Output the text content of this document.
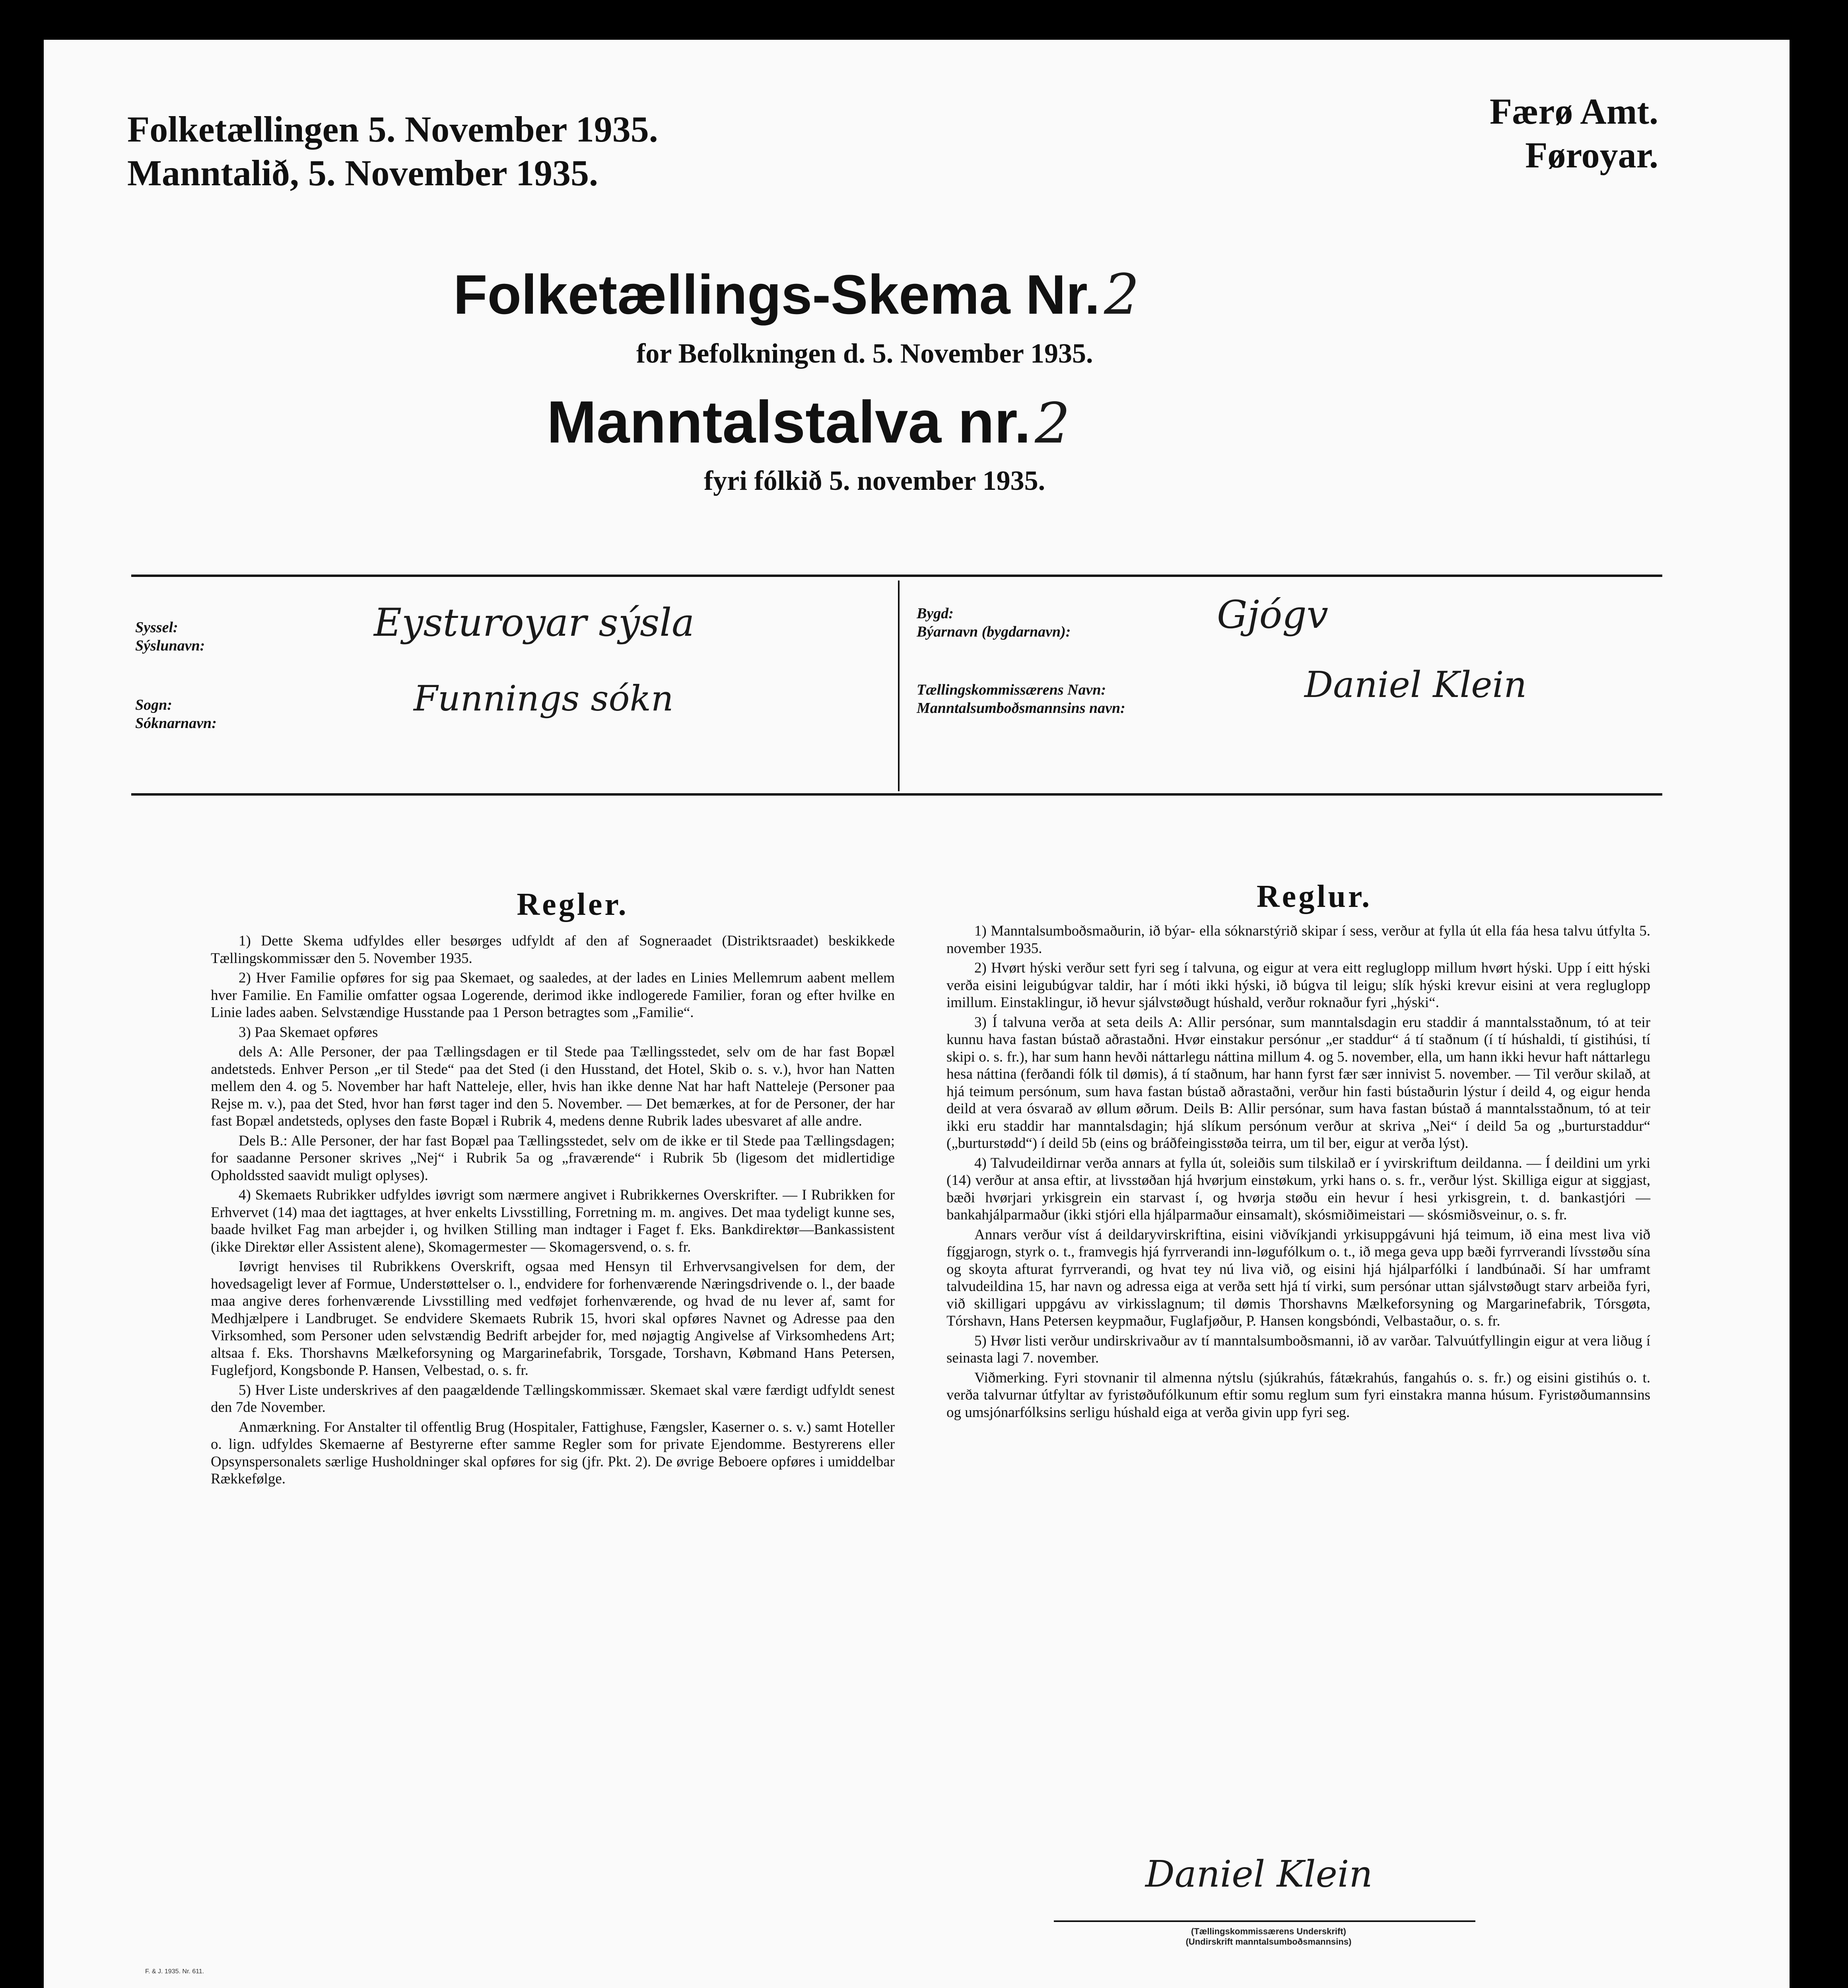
Folketællingen 5. November 1935.
Manntalið, 5. November 1935.
Færø Amt.
Føroyar.
Folketællings-Skema Nr.2
for Befolkningen d. 5. November 1935.
Manntalstalva nr.2
fyri fólkið 5. november 1935.
Syssel:
Sýslunavn:
Eysturoyar sýsla
Sogn:
Sóknarnavn:
Funnings sókn
Bygd:
Býarnavn (bygdarnavn):	Gjógv
Tællingskommissærens Navn:
Manntalsumboðsmannsins navn:
Daniel Klein
Regler.

1) Dette Skema udfyldes eller besørges udfyldt af den af Sogneraadet (Distriktsraadet) beskikkede Tællingskommissær den 5. November 1935.

2) Hver Familie opføres for sig paa Skemaet, og saaledes, at der lades en Linies Mellemrum aabent mellem hver Familie. En Familie omfatter ogsaa Logerende, derimod ikke indlogerede Familier, foran og efter hvilke en Linie lades aaben. Selvstændige Husstande paa 1 Person betragtes som „Familie“.

3) Paa Skemaet opføres

dels A: Alle Personer, der paa Tællingsdagen er til Stede paa Tællingsstedet, selv om de har fast Bopæl andetsteds. Enhver Person „er til Stede“ paa det Sted (i den Husstand, det Hotel, Skib o. s. v.), hvor han Natten mellem den 4. og 5. November har haft Natteleje, eller, hvis han ikke denne Nat har haft Natteleje (Personer paa Rejse m. v.), paa det Sted, hvor han først tager ind den 5. November. — Det bemærkes, at for de Personer, der har fast Bopæl andetsteds, oplyses den faste Bopæl i Rubrik 4, medens denne Rubrik lades ubesvaret af alle andre.

Dels B.: Alle Personer, der har fast Bopæl paa Tællingsstedet, selv om de ikke er til Stede paa Tællingsdagen; for saadanne Personer skrives „Nej“ i Rubrik 5a og „fraværende“ i Rubrik 5b (ligesom det midlertidige Opholdssted saavidt muligt oplyses).

4) Skemaets Rubrikker udfyldes iøvrigt som nærmere angivet i Rubrikkernes Overskrifter. — I Rubrikken for Erhvervet (14) maa det iagttages, at hver enkelts Livsstilling, Forretning m. m. angives. Det maa tydeligt kunne ses, baade hvilket Fag man arbejder i, og hvilken Stilling man indtager i Faget f. Eks. Bankdirektør—Bankassistent (ikke Direktør eller Assistent alene), Skomagermester — Skomagersvend, o. s. fr.

Iøvrigt henvises til Rubrikkens Overskrift, ogsaa med Hensyn til Erhvervsangivelsen for dem, der hovedsageligt lever af Formue, Understøttelser o. l., endvidere for forhenværende Næringsdrivende o. l., der baade maa angive deres forhenværende Livsstilling med vedføjet forhenværende, og hvad de nu lever af, samt for Medhjælpere i Landbruget. Se endvidere Skemaets Rubrik 15, hvori skal opføres Navnet og Adresse paa den Virksomhed, som Personer uden selvstændig Bedrift arbejder for, med nøjagtig Angivelse af Virksomhedens Art; altsaa f. Eks. Thorshavns Mælkeforsyning og Margarinefabrik, Torsgade, Torshavn, Købmand Hans Petersen, Fuglefjord, Kongsbonde P. Hansen, Velbestad, o. s. fr.

5) Hver Liste underskrives af den paagældende Tællingskommissær. Skemaet skal være færdigt udfyldt senest den 7de November.

Anmærkning. For Anstalter til offentlig Brug (Hospitaler, Fattighuse, Fængsler, Kaserner o. s. v.) samt Hoteller o. lign. udfyldes Skemaerne af Bestyrerne efter samme Regler som for private Ejendomme. Bestyrerens eller Opsynspersonalets særlige Husholdninger skal opføres for sig (jfr. Pkt. 2). De øvrige Beboere opføres i umiddelbar Rækkefølge.

Reglur.

1) Manntalsumboðsmaðurin, ið býar- ella sóknarstýrið skipar í sess, verður at fylla út ella fáa hesa talvu útfylta 5. november 1935.

2) Hvørt hýski verður sett fyri seg í talvuna, og eigur at vera eitt regluglopp millum hvørt hýski. Upp í eitt hýski verða eisini leigubúgvar taldir, har í móti ikki hýski, ið búgva til leigu; slík hýski krevur eisini at vera regluglopp imillum. Einstaklingur, ið hevur sjálvstøðugt húshald, verður roknaður fyri „hýski“.

3) Í talvuna verða at seta deils A: Allir persónar, sum manntalsdagin eru staddir á manntalsstaðnum, tó at teir kunnu hava fastan bústað aðrastaðni. Hvør einstakur persónur „er staddur“ á tí staðnum (í tí húshaldi, tí gistihúsi, tí skipi o. s. fr.), har sum hann hevði náttarlegu náttina millum 4. og 5. november, ella, um hann ikki hevur haft náttarlegu hesa náttina (ferðandi fólk til dømis), á tí staðnum, har hann fyrst fær sær innivist 5. november. — Til verður skilað, at hjá teimum persónum, sum hava fastan bústað aðrastaðni, verður hin fasti bústaðurin lýstur í deild 4, og eigur henda deild at vera ósvarað av øllum øðrum. Deils B: Allir persónar, sum hava fastan bústað á manntalsstaðnum, tó at teir ikki eru staddir har manntalsdagin; hjá slíkum persónum verður at skriva „Nei“ í deild 5a og „burturstaddur“ („burturstødd“) í deild 5b (eins og bráðfeingisstøða teirra, um til ber, eigur at verða lýst).

4) Talvudeildirnar verða annars at fylla út, soleiðis sum tilskilað er í yvirskriftum deildanna. — Í deildini um yrki (14) verður at ansa eftir, at livsstøðan hjá hvørjum einstøkum, yrki hans o. s. fr., verður lýst. Skilliga eigur at siggjast, bæði hvørjari yrkisgrein ein starvast í, og hvørja støðu ein hevur í hesi yrkisgrein, t. d. bankastjóri — bankahjálparmaður (ikki stjóri ella hjálparmaður einsamalt), skósmiðimeistari — skósmiðsveinur, o. s. fr.

Annars verður víst á deildaryvirskriftina, eisini viðvíkjandi yrkisuppgávuni hjá teimum, ið eina mest liva við fíggjarogn, styrk o. t., framvegis hjá fyrrverandi inn-løgufólkum o. t., ið mega geva upp bæði fyrrverandi lívsstøðu sína og skoyta afturat fyrrverandi, og hvat tey nú liva við, og eisini hjá hjálparfólki í landbúnaði. Sí har umframt talvudeildina 15, har navn og adressa eiga at verða sett hjá tí virki, sum persónar uttan sjálvstøðugt starv arbeiða fyri, við skilligari uppgávu av virkisslagnum; til dømis Thorshavns Mælkeforsyning og Margarinefabrik, Tórsgøta, Tórshavn, Hans Petersen keypmaður, Fuglafjøður, P. Hansen kongsbóndi, Velbastaður, o. s. fr.

5) Hvør listi verður undirskrivaður av tí manntalsumboðsmanni, ið av varðar. Talvuútfyllingin eigur at vera liðug í seinasta lagi 7. november.

Viðmerking. Fyri stovnanir til almenna nýtslu (sjúkrahús, fátækrahús, fangahús o. s. fr.) og eisini gistihús o. t. verða talvurnar útfyltar av fyristøðufólkunum eftir somu reglum sum fyri einstakra manna húsum. Fyristøðumannsins og umsjónarfólksins serligu húshald eiga at verða givin upp fyri seg.

Daniel Klein
(Tællingskommissærens Underskrift)
(Undirskrift manntalsumboðsmannsins)
F. & J. 1935. Nr. 611.
